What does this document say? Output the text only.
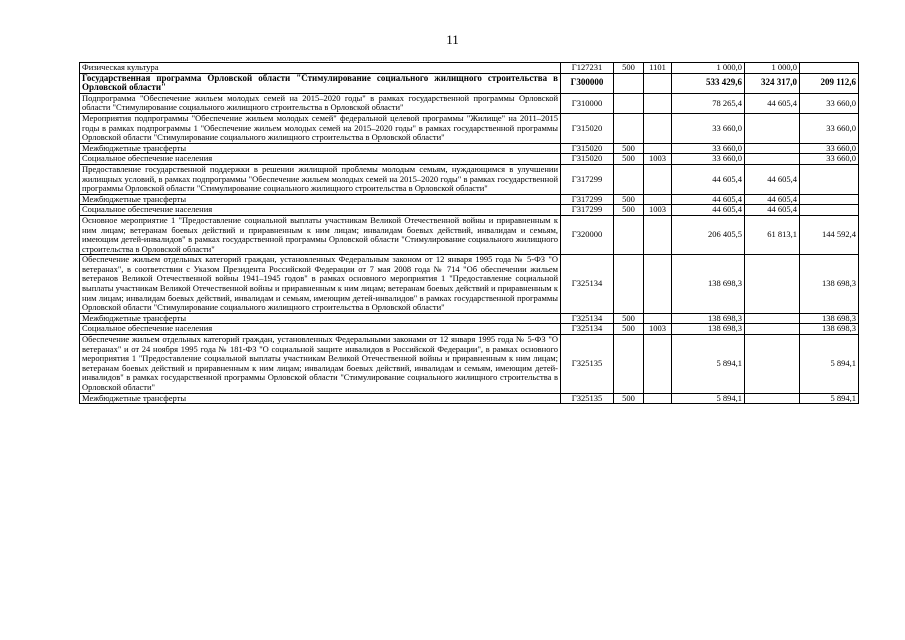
11
Физическая культура	Г127231	500	1101	1 000,0	1 000,0	
Государственная программа Орловской области "Стимулирование социального жилищного строительства в Орловской области"	Г300000			533 429,6	324 317,0	209 112,6
Подпрограмма "Обеспечение жильем молодых семей на 2015–2020 годы" в рамках государственной программы Орловской области "Стимулирование социального жилищного строительства в Орловской области"	Г310000			78 265,4	44 605,4	33 660,0
Мероприятия подпрограммы "Обеспечение жильем молодых семей" федеральной целевой программы "Жилище" на 2011–2015 годы в рамках подпрограммы 1 "Обеспечение жильем молодых семей на 2015–2020 годы" в рамках государственной программы Орловской области "Стимулирование социального жилищного строительства в Орловской области"	Г315020			33 660,0		33 660,0
Межбюджетные трансферты	Г315020	500		33 660,0		33 660,0
Социальное обеспечение населения	Г315020	500	1003	33 660,0		33 660,0
Предоставление государственной поддержки в решении жилищной проблемы молодым семьям, нуждающимся в улучшении жилищных условий, в рамках подпрограммы "Обеспечение жильем молодых семей на 2015–2020 годы" в рамках государственной программы Орловской области "Стимулирование социального жилищного строительства в Орловской области"	Г317299			44 605,4	44 605,4	
Межбюджетные трансферты	Г317299	500		44 605,4	44 605,4	
Социальное обеспечение населения	Г317299	500	1003	44 605,4	44 605,4	
Основное мероприятие 1 "Предоставление социальной выплаты участникам Великой Отечественной войны и приравненным к ним лицам; ветеранам боевых действий и приравненным к ним лицам; инвалидам боевых действий, инвалидам и семьям, имеющим детей-инвалидов" в рамках государственной программы Орловской области "Стимулирование социального жилищного строительства в Орловской области"	Г320000			206 405,5	61 813,1	144 592,4
Обеспечение жильем отдельных категорий граждан, установленных Федеральным законом от 12 января 1995 года № 5-ФЗ "О ветеранах", в соответствии с Указом Президента Российской Федерации от 7 мая 2008 года № 714 "Об обеспечении жильем ветеранов Великой Отечественной войны 1941–1945 годов" в рамках основного мероприятия 1 "Предоставление социальной выплаты участникам Великой Отечественной войны и приравненным к ним лицам; ветеранам боевых действий и приравненным к ним лицам; инвалидам боевых действий, инвалидам и семьям, имеющим детей-инвалидов" в рамках государственной программы Орловской области "Стимулирование социального жилищного строительства в Орловской области"	Г325134			138 698,3		138 698,3
Межбюджетные трансферты	Г325134	500		138 698,3		138 698,3
Социальное обеспечение населения	Г325134	500	1003	138 698,3		138 698,3
Обеспечение жильем отдельных категорий граждан, установленных Федеральными законами от 12 января 1995 года № 5-ФЗ "О ветеранах" и от 24 ноября 1995 года № 181-ФЗ "О социальной защите инвалидов в Российской Федерации", в рамках основного мероприятия 1 "Предоставление социальной выплаты участникам Великой Отечественной войны и приравненным к ним лицам; ветеранам боевых действий и приравненным к ним лицам; инвалидам боевых действий, инвалидам и семьям, имеющим детей-инвалидов" в рамках государственной программы Орловской области "Стимулирование социального жилищного строительства в Орловской области"	Г325135			5 894,1		5 894,1
Межбюджетные трансферты	Г325135	500		5 894,1		5 894,1
